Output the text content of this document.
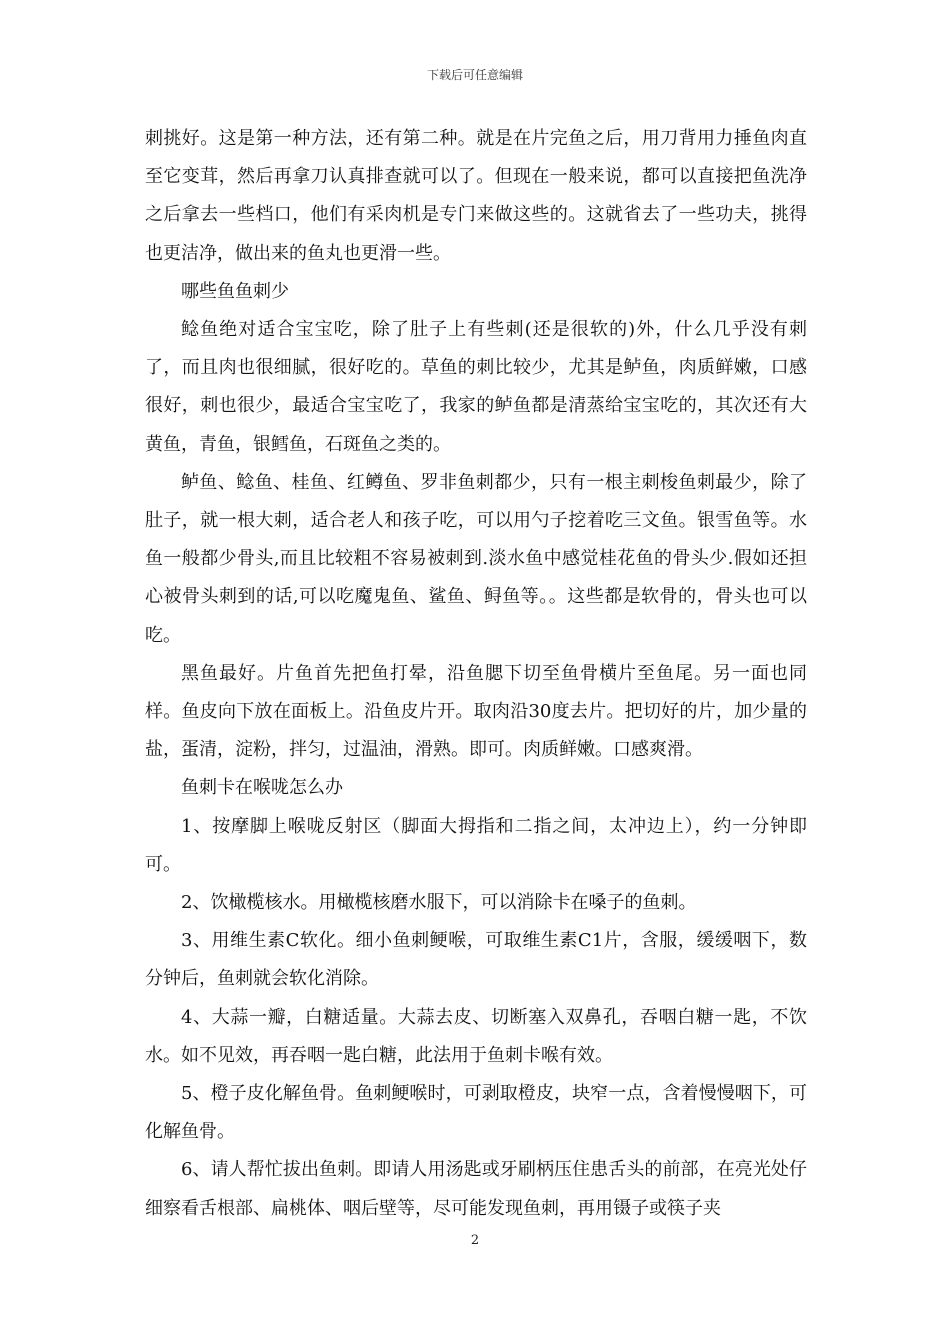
下载后可任意编辑

刺挑好。这是第一种方法，还有第二种。就是在片完鱼之后，用刀背用力捶鱼肉直至它变茸，然后再拿刀认真排查就可以了。但现在一般来说，都可以直接把鱼洗净之后拿去一些档口，他们有采肉机是专门来做这些的。这就省去了一些功夫，挑得也更洁净，做出来的鱼丸也更滑一些。

哪些鱼鱼刺少

鲶鱼绝对适合宝宝吃，除了肚子上有些刺(还是很软的)外，什么几乎没有刺了，而且肉也很细腻，很好吃的。草鱼的刺比较少，尤其是鲈鱼，肉质鲜嫩，口感很好，刺也很少，最适合宝宝吃了，我家的鲈鱼都是清蒸给宝宝吃的，其次还有大黄鱼，青鱼，银鳕鱼，石斑鱼之类的。

鲈鱼、鲶鱼、桂鱼、红鳟鱼、罗非鱼刺都少，只有一根主刺梭鱼刺最少，除了肚子，就一根大刺，适合老人和孩子吃，可以用勺子挖着吃三文鱼。银雪鱼等。水鱼一般都少骨头,而且比较粗不容易被刺到.淡水鱼中感觉桂花鱼的骨头少.假如还担心被骨头刺到的话,可以吃魔鬼鱼、鲨鱼、鲟鱼等。。这些都是软骨的，骨头也可以吃。

黑鱼最好。片鱼首先把鱼打晕，沿鱼腮下切至鱼骨横片至鱼尾。另一面也同样。鱼皮向下放在面板上。沿鱼皮片开。取肉沿30度去片。把切好的片，加少量的盐，蛋清，淀粉，拌匀，过温油，滑熟。即可。肉质鲜嫩。口感爽滑。

鱼刺卡在喉咙怎么办

1、按摩脚上喉咙反射区（脚面大拇指和二指之间，太冲边上），约一分钟即可。

2、饮橄榄核水。用橄榄核磨水服下，可以消除卡在嗓子的鱼刺。

3、用维生素C软化。细小鱼刺鲠喉，可取维生素C1片，含服，缓缓咽下，数分钟后，鱼刺就会软化消除。

4、大蒜一瓣，白糖适量。大蒜去皮、切断塞入双鼻孔，吞咽白糖一匙，不饮水。如不见效，再吞咽一匙白糖，此法用于鱼刺卡喉有效。

5、橙子皮化解鱼骨。鱼刺鲠喉时，可剥取橙皮，块窄一点，含着慢慢咽下，可化解鱼骨。

6、请人帮忙拔出鱼刺。即请人用汤匙或牙刷柄压住患舌头的前部，在亮光处仔细察看舌根部、扁桃体、咽后壁等，尽可能发现鱼刺，再用镊子或筷子夹

2
